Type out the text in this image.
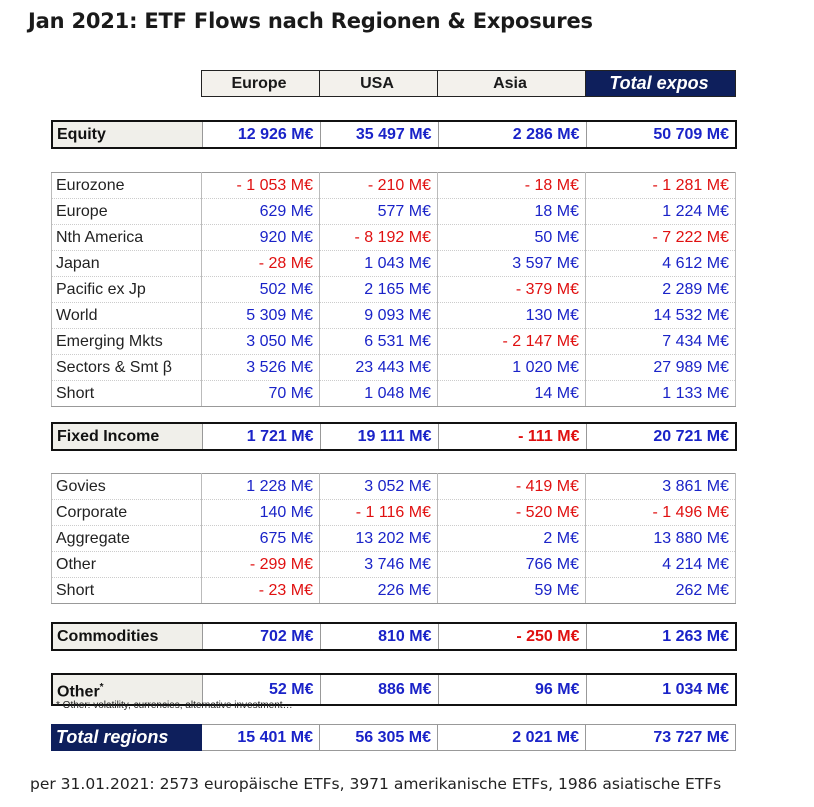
Jan 2021: ETF Flows nach Regionen & Exposures
	Europe	USA	Asia	Total expos
Equity	12 926 M€	35 497 M€	2 286 M€	50 709 M€
Eurozone	- 1 053 M€	- 210 M€	- 18 M€	- 1 281 M€
Europe	629 M€	577 M€	18 M€	1 224 M€
Nth America	920 M€	- 8 192 M€	50 M€	- 7 222 M€
Japan	- 28 M€	1 043 M€	3 597 M€	4 612 M€
Pacific ex Jp	502 M€	2 165 M€	- 379 M€	2 289 M€
World	5 309 M€	9 093 M€	130 M€	14 532 M€
Emerging Mkts	3 050 M€	6 531 M€	- 2 147 M€	7 434 M€
Sectors & Smt β	3 526 M€	23 443 M€	1 020 M€	27 989 M€
Short	70 M€	1 048 M€	14 M€	1 133 M€
Fixed Income	1 721 M€	19 111 M€	- 111 M€	20 721 M€
Govies	1 228 M€	3 052 M€	- 419 M€	3 861 M€
Corporate	140 M€	- 1 116 M€	- 520 M€	- 1 496 M€
Aggregate	675 M€	13 202 M€	2 M€	13 880 M€
Other	- 299 M€	3 746 M€	766 M€	4 214 M€
Short	- 23 M€	226 M€	59 M€	262 M€
Commodities	702 M€	810 M€	- 250 M€	1 263 M€
Other*	52 M€	886 M€	96 M€	1 034 M€
* Other: volatility, currencies, alternative investment…
Total regions	15 401 M€	56 305 M€	2 021 M€	73 727 M€
per 31.01.2021: 2573 europäische ETFs, 3971 amerikanische ETFs, 1986 asiatische ETFs
